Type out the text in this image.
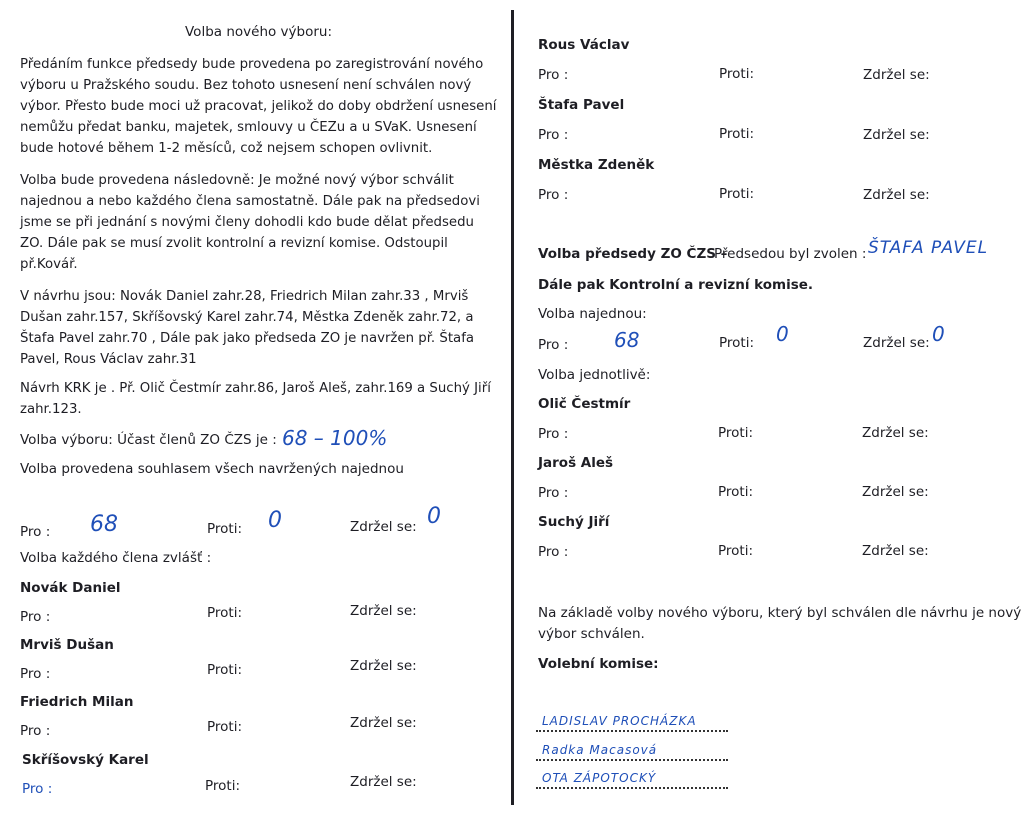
Volba nového výboru:
Předáním funkce předsedy bude provedena po zaregistrování nového
výboru u Pražského soudu. Bez tohoto usnesení není schválen nový
výbor. Přesto bude moci už pracovat, jelikož do doby obdržení usnesení
nemůžu předat banku, majetek, smlouvy u ČEZu a u SVaK. Usnesení
bude hotové během 1-2 měsíců, což nejsem schopen ovlivnit.
Volba bude provedena následovně: Je možné nový výbor schválit
najednou a nebo každého člena samostatně. Dále pak na předsedovi
jsme se při jednání s novými členy dohodli kdo bude dělat předsedu
ZO. Dále pak se musí zvolit kontrolní a revizní komise. Odstoupil
př.Kovář.
V návrhu jsou: Novák Daniel zahr.28, Friedrich Milan zahr.33 , Mrviš
Dušan zahr.157, Skříšovský Karel zahr.74, Městka Zdeněk zahr.72, a
Štafa Pavel zahr.70 , Dále pak jako předseda ZO je navržen př. Štafa
Pavel, Rous Václav zahr.31
Návrh KRK je . Př. Olič Čestmír zahr.86, Jaroš Aleš, zahr.169 a Suchý Jiří
zahr.123.
Volba výboru: Účast členů ZO ČZS je : 68 – 100%
Volba provedena souhlasem všech navržených najednou
Pro : 68	Proti: 0	Zdržel se: 0
Volba každého člena zvlášť :
Novák Daniel
Pro :	Proti:	Zdržel se:
Mrviš Dušan
Pro :	Proti:	Zdržel se:
Friedrich Milan
Pro :	Proti:	Zdržel se:
Skříšovský Karel
Pro :	Proti:	Zdržel se:
Rous Václav
Pro :	Proti:	Zdržel se:
Štafa Pavel
Pro :	Proti:	Zdržel se:
Městka Zdeněk
Pro :	Proti:	Zdržel se:
Volba předsedy ZO ČZS –
Předsedou byl zvolen : ŠTAFA PAVEL
Dále pak Kontrolní a revizní komise.
Volba najednou:
Pro : 68	Proti: 0	Zdržel se: 0
Volba jednotlivě:
Olič Čestmír
Pro :	Proti:	Zdržel se:
Jaroš Aleš
Pro :	Proti:	Zdržel se:
Suchý Jiří
Pro :	Proti:	Zdržel se:
Na základě volby nového výboru, který byl schválen dle návrhu je nový
výbor schválen.
Volební komise:
LADISLAV PROCHÁZKA
Radka Macasová
OTA ZÁPOTOCKÝ
